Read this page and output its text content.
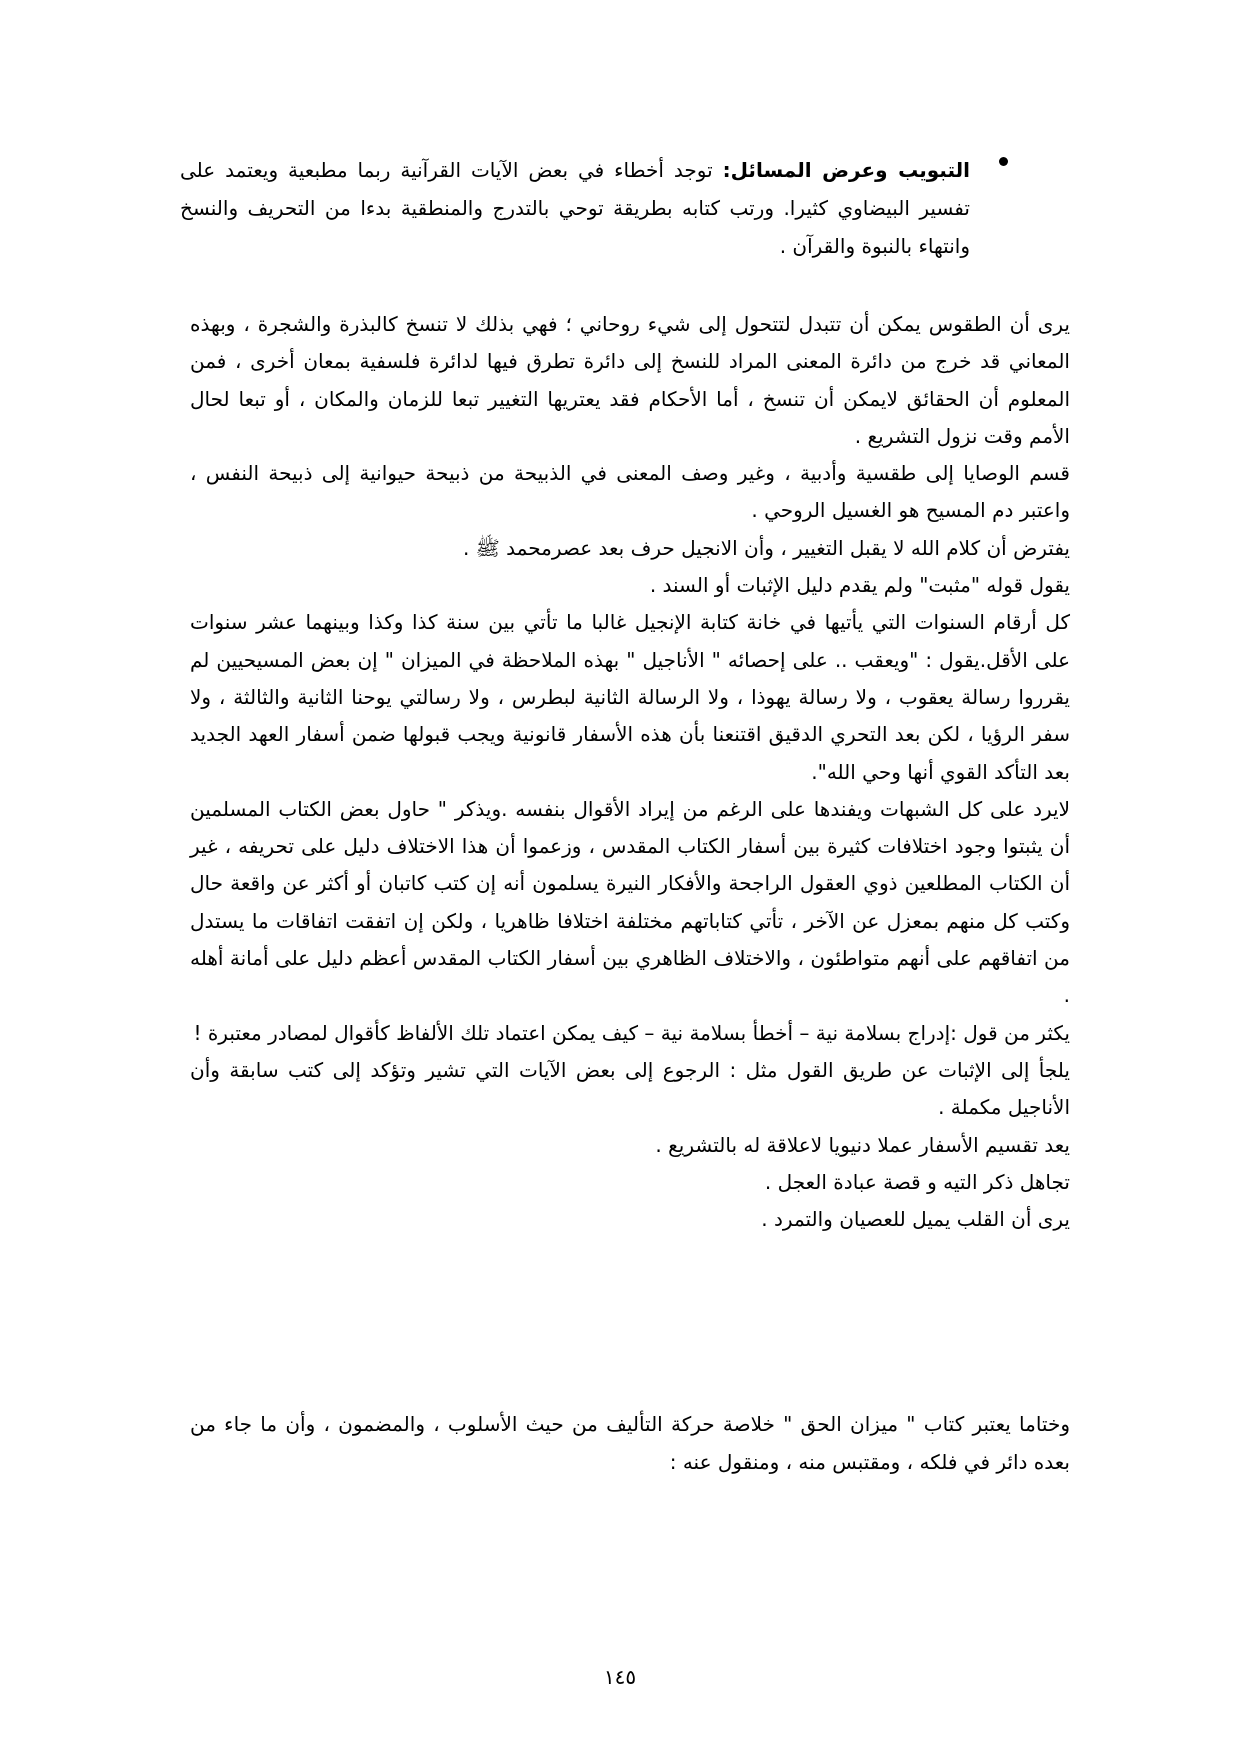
التبويب وعرض المسائل: توجد أخطاء في بعض الآيات القرآنية ربما مطبعية ويعتمد على تفسير البيضاوي كثيرا. ورتب كتابه بطريقة توحي بالتدرج والمنطقية بدءا من التحريف والنسخ وانتهاء بالنبوة والقرآن .

يرى أن الطقوس يمكن أن تتبدل لتتحول إلى شيء روحاني ؛ فهي بذلك لا تنسخ كالبذرة والشجرة ، وبهذه المعاني قد خرج من دائرة المعنى المراد للنسخ إلى دائرة تطرق فيها لدائرة فلسفية بمعان أخرى ، فمن المعلوم أن الحقائق لايمكن أن تنسخ ، أما الأحكام فقد يعتريها التغيير تبعا للزمان والمكان ، أو تبعا لحال الأمم وقت نزول التشريع .

قسم الوصايا إلى طقسية وأدبية ، وغير وصف المعنى في الذبيحة من ذبيحة حيوانية إلى ذبيحة النفس ، واعتبر دم المسيح هو الغسيل الروحي .

يفترض أن كلام الله لا يقبل التغيير ، وأن الانجيل حرف بعد عصرمحمد ﷺ .

يقول قوله "مثبت" ولم يقدم دليل الإثبات أو السند .

كل أرقام السنوات التي يأتيها في خانة كتابة الإنجيل غالبا ما تأتي بين سنة كذا وكذا وبينهما عشر سنوات على الأقل.يقول : "ويعقب .. على إحصائه " الأناجيل " بهذه الملاحظة في الميزان " إن بعض المسيحيين لم يقرروا رسالة يعقوب ، ولا رسالة يهوذا ، ولا الرسالة الثانية لبطرس ، ولا رسالتي يوحنا الثانية والثالثة ، ولا سفر الرؤيا ، لكن بعد التحري الدقيق اقتنعنا بأن هذه الأسفار قانونية ويجب قبولها ضمن أسفار العهد الجديد بعد التأكد القوي أنها وحي الله".

لايرد على كل الشبهات ويفندها على الرغم من إيراد الأقوال بنفسه .ويذكر " حاول بعض الكتاب المسلمين أن يثبتوا وجود اختلافات كثيرة بين أسفار الكتاب المقدس ، وزعموا أن هذا الاختلاف دليل على تحريفه ، غير أن الكتاب المطلعين ذوي العقول الراجحة والأفكار النيرة يسلمون أنه إن كتب كاتبان أو أكثر عن واقعة حال وكتب كل منهم بمعزل عن الآخر ، تأتي كتاباتهم مختلفة اختلافا ظاهريا ، ولكن إن اتفقت اتفاقات ما يستدل من اتفاقهم على أنهم متواطئون ، والاختلاف الظاهري بين أسفار الكتاب المقدس أعظم دليل على أمانة أهله .

يكثر من قول :إدراج بسلامة نية – أخطأ بسلامة نية – كيف يمكن اعتماد تلك الألفاظ كأقوال لمصادر معتبرة !

يلجأ إلى الإثبات عن طريق القول مثل : الرجوع إلى بعض الآيات التي تشير وتؤكد إلى كتب سابقة وأن الأناجيل مكملة .

يعد تقسيم الأسفار عملا دنيويا لاعلاقة له بالتشريع .

تجاهل ذكر التيه و قصة عبادة العجل .

يرى أن القلب يميل للعصيان والتمرد .

وختاما يعتبر كتاب " ميزان الحق " خلاصة حركة التأليف من حيث الأسلوب ، والمضمون ، وأن ما جاء من بعده دائر في فلكه ، ومقتبس منه ، ومنقول عنه :

١٤٥
